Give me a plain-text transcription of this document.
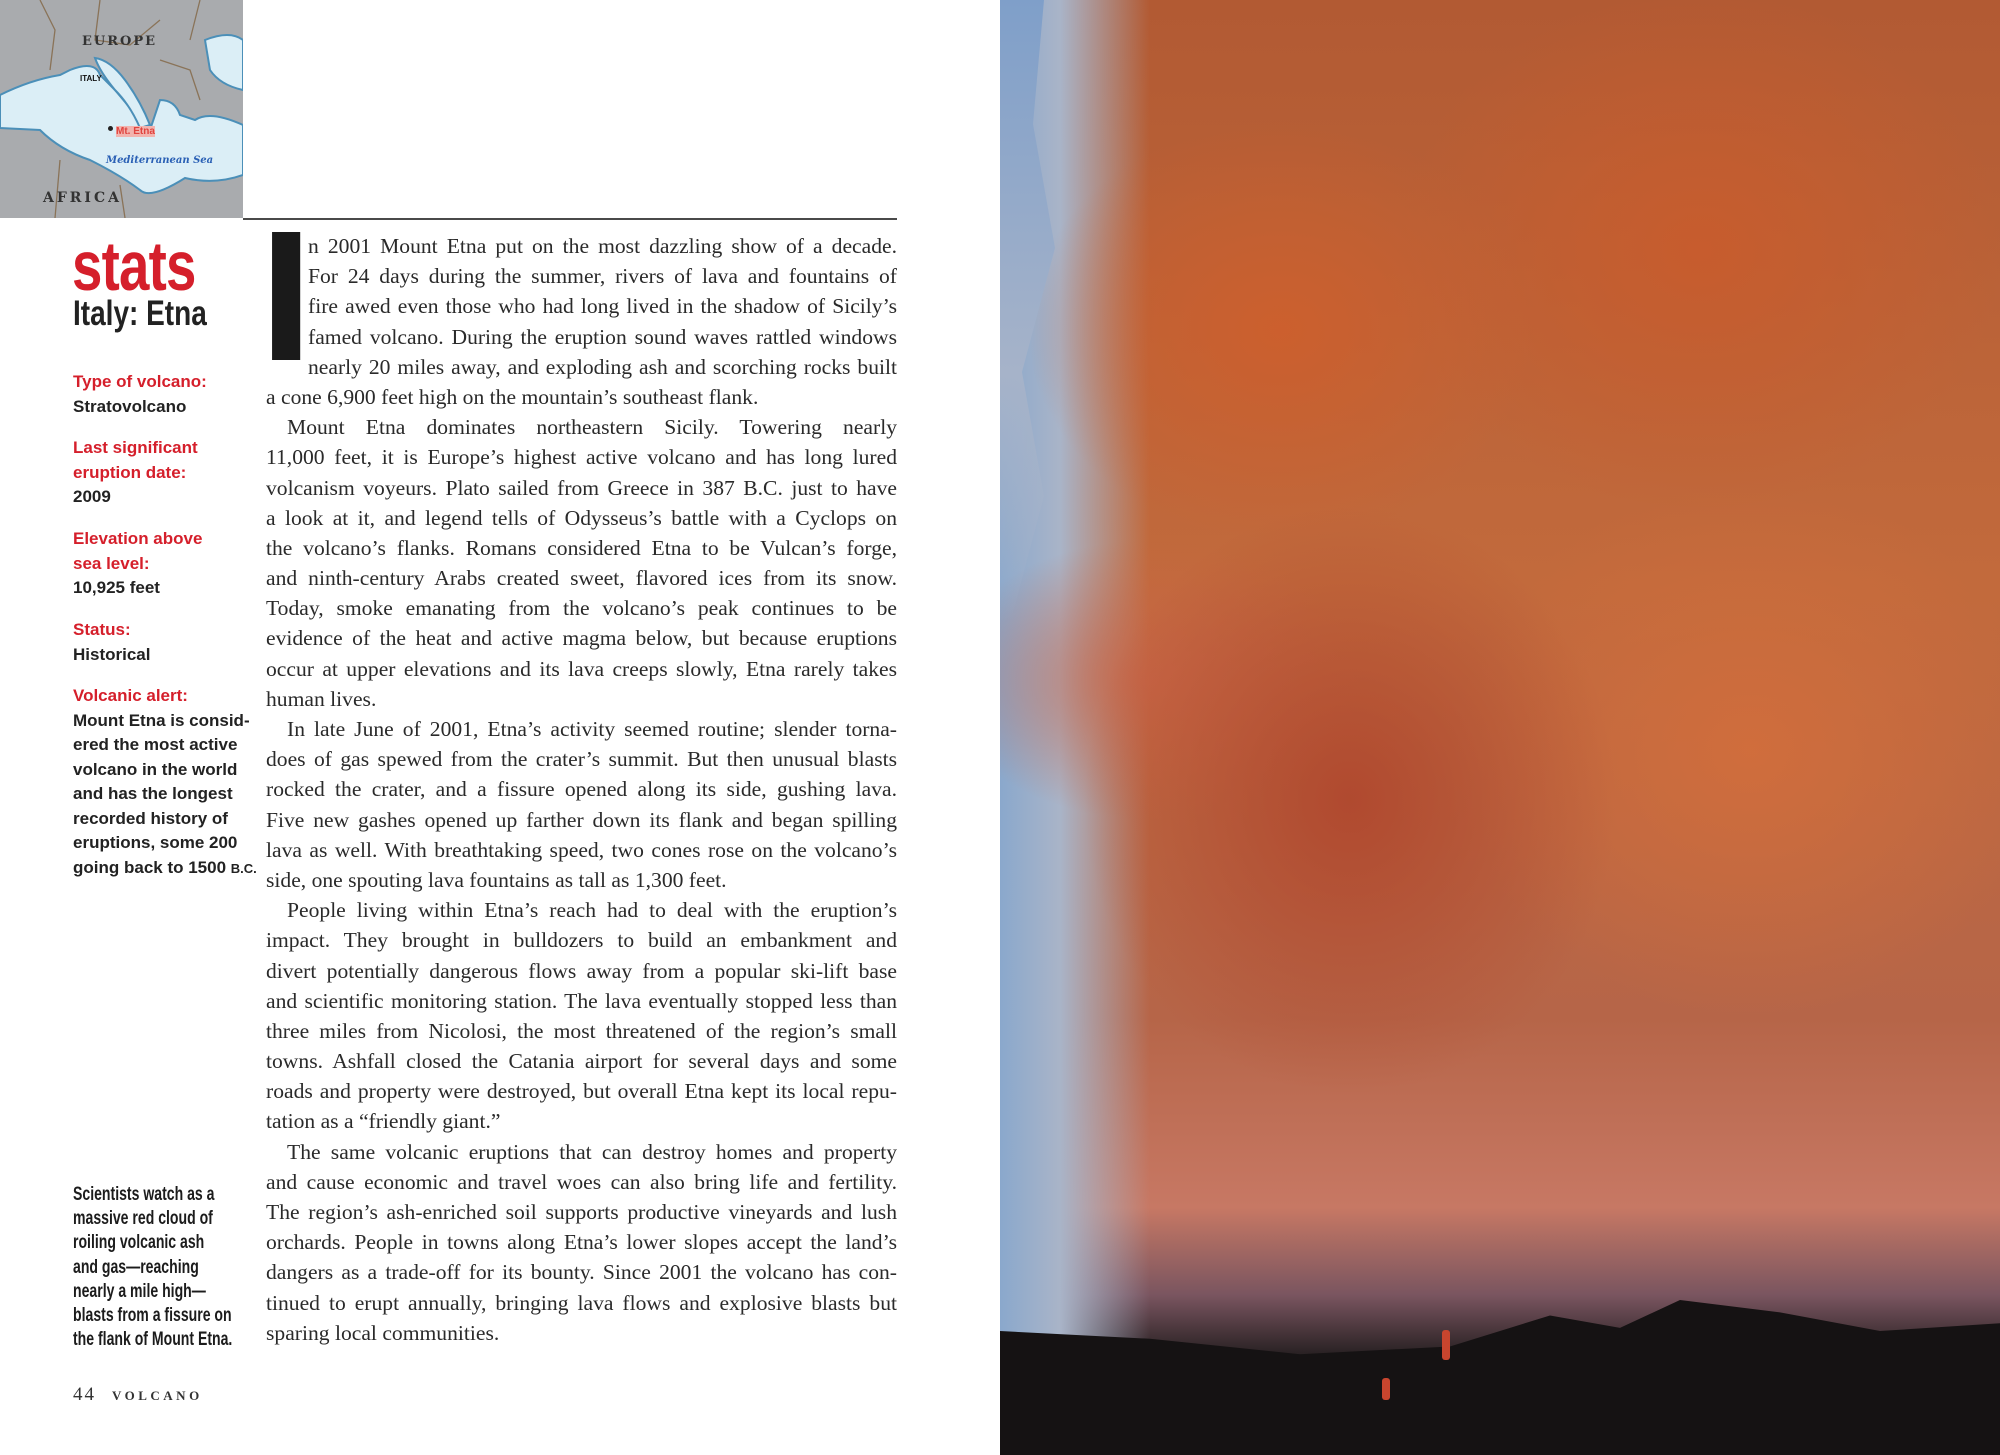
EUROPE
ITALY
Mt. Etna
Mediterranean Sea
AFRICA
stats
Italy: Etna
Type of volcano:
Stratovolcano
Last significant
eruption date:
2009
Elevation above
sea level:
10,925 feet
Status:
Historical
Volcanic alert:
Mount Etna is consid-
ered the most active
volcano in the world
and has the longest
recorded history of
eruptions, some 200
going back to 1500 B.C.
Scientists watch as a
massive red cloud of
roiling volcanic ash
and gas—reaching
nearly a mile high—
blasts from a fissure on
the flank of Mount Etna.
I
n 2001 Mount Etna put on the most dazzling show of a decade.
For 24 days during the summer, rivers of lava and fountains of
fire awed even those who had long lived in the shadow of Sicily’s
famed volcano. During the eruption sound waves rattled windows
nearly 20 miles away, and exploding ash and scorching rocks built
a cone 6,900 feet high on the mountain’s southeast flank.
Mount Etna dominates northeastern Sicily. Towering nearly
11,000 feet, it is Europe’s highest active volcano and has long lured
volcanism voyeurs. Plato sailed from Greece in 387 B.C. just to have
a look at it, and legend tells of Odysseus’s battle with a Cyclops on
the volcano’s flanks. Romans considered Etna to be Vulcan’s forge,
and ninth-century Arabs created sweet, flavored ices from its snow.
Today, smoke emanating from the volcano’s peak continues to be
evidence of the heat and active magma below, but because eruptions
occur at upper elevations and its lava creeps slowly, Etna rarely takes
human lives.
In late June of 2001, Etna’s activity seemed routine; slender torna-
does of gas spewed from the crater’s summit. But then unusual blasts
rocked the crater, and a fissure opened along its side, gushing lava.
Five new gashes opened up farther down its flank and began spilling
lava as well. With breathtaking speed, two cones rose on the volcano’s
side, one spouting lava fountains as tall as 1,300 feet.
People living within Etna’s reach had to deal with the eruption’s
impact. They brought in bulldozers to build an embankment and
divert potentially dangerous flows away from a popular ski-lift base
and scientific monitoring station. The lava eventually stopped less than
three miles from Nicolosi, the most threatened of the region’s small
towns. Ashfall closed the Catania airport for several days and some
roads and property were destroyed, but overall Etna kept its local repu-
tation as a “friendly giant.”
The same volcanic eruptions that can destroy homes and property
and cause economic and travel woes can also bring life and fertility.
The region’s ash-enriched soil supports productive vineyards and lush
orchards. People in towns along Etna’s lower slopes accept the land’s
dangers as a trade-off for its bounty. Since 2001 the volcano has con-
tinued to erupt annually, bringing lava flows and explosive blasts but
sparing local communities.
44 VOLCANO
